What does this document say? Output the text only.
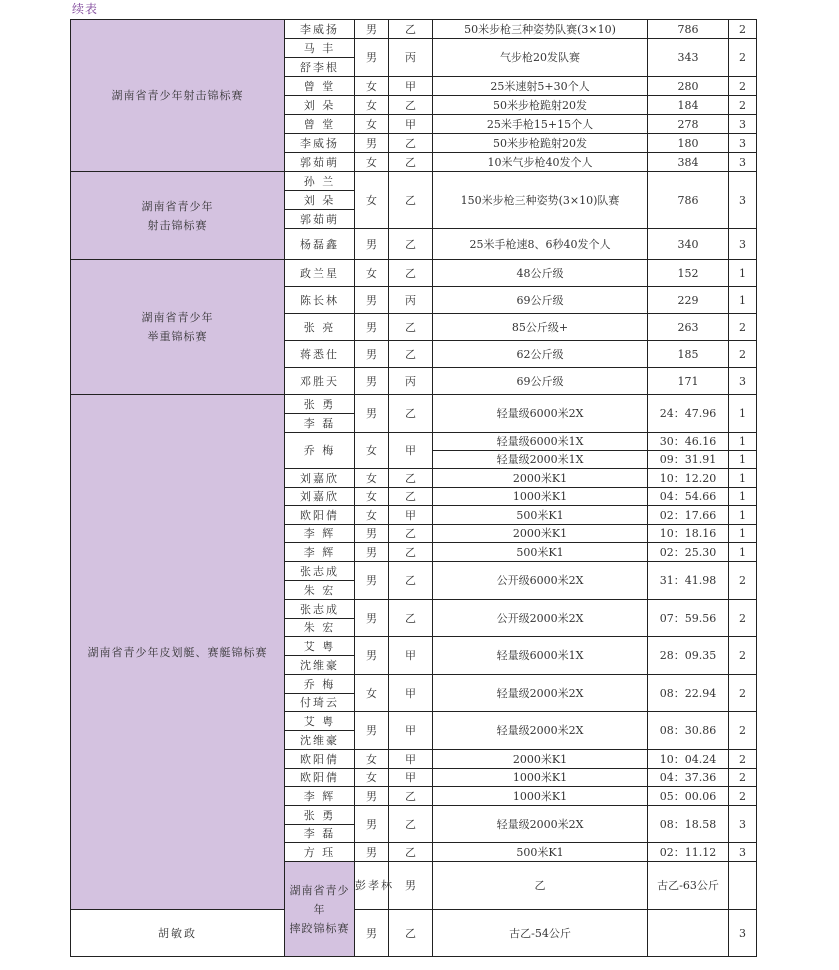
续表
湖南省青少年射击锦标赛	李威扬	男	乙	50米步枪三种姿势队赛(3×10)	786	2	
	马 丰	男	丙	气步枪20发队赛	343	2	
	舒李根						
	曾 堂	女	甲	25米速射5+30个人	280	2	
	刘 朵	女	乙	50米步枪跪射20发	184	2	
	曾 堂	女	甲	25米手枪15+15个人	278	3	
	李威扬	男	乙	50米步枪跪射20发	180	3	
	郭茹萌	女	乙	10米气步枪40发个人	384	3	
湖南省青少年
射击锦标赛	孙 兰	女	乙	150米步枪三种姿势(3×10)队赛	786	3	
	刘 朵						
	郭茹萌						
	杨磊鑫	男	乙	25米手枪速8、6秒40发个人	340	3	
湖南省青少年
举重锦标赛	政兰星	女	乙	48公斤级	152	1	
	陈长林	男	丙	69公斤级	229	1	
	张 亮	男	乙	85公斤级+	263	2	
	蒋悉仕	男	乙	62公斤级	185	2	
	邓胜天	男	丙	69公斤级	171	3	
湖南省青少年皮划艇、赛艇锦标赛	张 勇	男	乙	轻量级6000米2X	24：47.96	1	
	李 磊						
	乔 梅	女	甲	轻量级6000米1X	30：46.16	1	
				轻量级2000米1X	09：31.91	1	
	刘嘉欣	女	乙	2000米K1	10：12.20	1	
	刘嘉欣	女	乙	1000米K1	04：54.66	1	
	欧阳倩	女	甲	500米K1	02：17.66	1	
	李 辉	男	乙	2000米K1	10：18.16	1	
	李 辉	男	乙	500米K1	02：25.30	1	
	张志成	男	乙	公开级6000米2X	31：41.98	2	
	朱 宏						
	张志成	男	乙	公开级2000米2X	07：59.56	2	
	朱 宏						
	艾 粤	男	甲	轻量级6000米1X	28：09.35	2	
	沈维豪						
	乔 梅	女	甲	轻量级2000米2X	08：22.94	2	
	付琦云						
	艾 粤	男	甲	轻量级2000米2X	08：30.86	2	
	沈维豪						
	欧阳倩	女	甲	2000米K1	10：04.24	2	
	欧阳倩	女	甲	1000米K1	04：37.36	2	
	李 辉	男	乙	1000米K1	05：00.06	2	
	张 勇	男	乙	轻量级2000米2X	08：18.58	3	
	李 磊						
	方 珏	男	乙	500米K1	02：11.12	3	
	湖南省青少年
摔跤锦标赛	彭孝林	男	乙	古乙-63公斤		
胡敏政		男	乙	古乙-54公斤		3	
